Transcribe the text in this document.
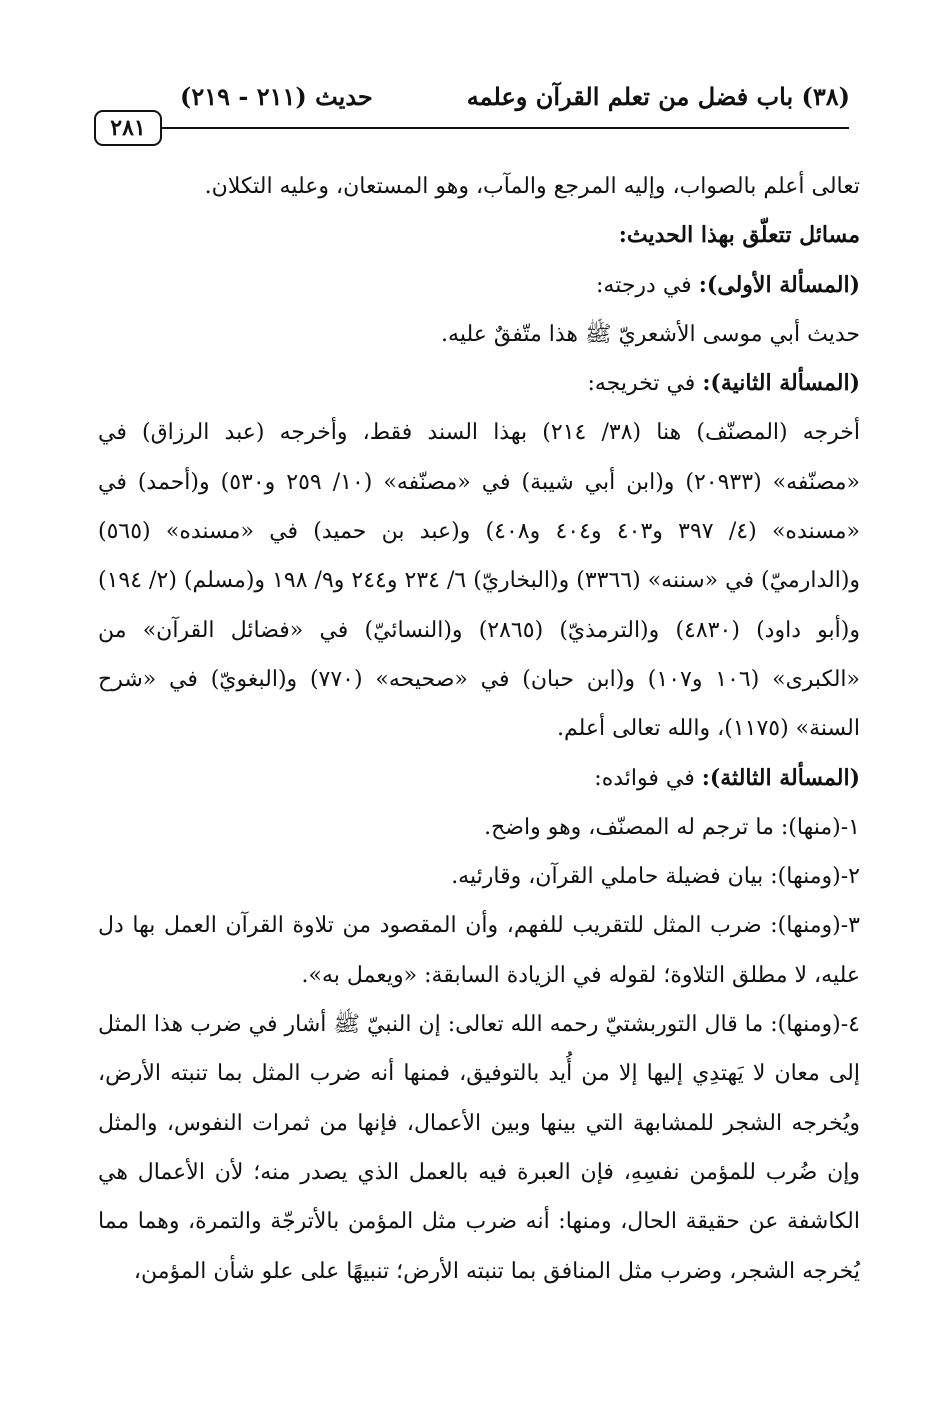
(٣٨) باب فضل من تعلم القرآن وعلمه
حديث (٢١١ - ٢١٩)
٢٨١

تعالى أعلم بالصواب، وإليه المرجع والمآب، وهو المستعان، وعليه التكلان.

مسائل تتعلّق بهذا الحديث:

(المسألة الأولى): في درجته:

حديث أبي موسى الأشعريّ ﷺ هذا متّفقٌ عليه.

(المسألة الثانية): في تخريجه:

أخرجه (المصنّف) هنا (٣٨/ ٢١٤) بهذا السند فقط، وأخرجه (عبد الرزاق) في «مصنّفه» (٢٠٩٣٣) و(ابن أبي شيبة) في «مصنّفه» (١٠/ ٢٥٩ و٥٣٠) و(أحمد) في «مسنده» (٤/ ٣٩٧ و٤٠٣ و٤٠٤ و٤٠٨) و(عبد بن حميد) في «مسنده» (٥٦٥) و(الدارميّ) في «سننه» (٣٣٦٦) و(البخاريّ) ٦/ ٢٣٤ و٢٤٤ و٩/ ١٩٨ و(مسلم) (٢/ ١٩٤) و(أبو داود) (٤٨٣٠) و(الترمذيّ) (٢٨٦٥) و(النسائيّ) في «فضائل القرآن» من «الكبرى» (١٠٦ و١٠٧) و(ابن حبان) في «صحيحه» (٧٧٠) و(البغويّ) في «شرح السنة» (١١٧٥)، والله تعالى أعلم.

(المسألة الثالثة): في فوائده:

١-(منها): ما ترجم له المصنّف، وهو واضح.

٢-(ومنها): بيان فضيلة حاملي القرآن، وقارئيه.

٣-(ومنها): ضرب المثل للتقريب للفهم، وأن المقصود من تلاوة القرآن العمل بها دل عليه، لا مطلق التلاوة؛ لقوله في الزيادة السابقة: «ويعمل به».

٤-(ومنها): ما قال التوربشتيّ رحمه الله تعالى: إن النبيّ ﷺ أشار في ضرب هذا المثل إلى معان لا يَهتدِي إليها إلا من أُيد بالتوفيق، فمنها أنه ضرب المثل بما تنبته الأرض، ويُخرجه الشجر للمشابهة التي بينها وبين الأعمال، فإنها من ثمرات النفوس، والمثل وإن ضُرب للمؤمن نفسِهِ، فإن العبرة فيه بالعمل الذي يصدر منه؛ لأن الأعمال هي الكاشفة عن حقيقة الحال، ومنها: أنه ضرب مثل المؤمن بالأترجّة والتمرة، وهما مما يُخرجه الشجر، وضرب مثل المنافق بما تنبته الأرض؛ تنبيهًا على علو شأن المؤمن،
